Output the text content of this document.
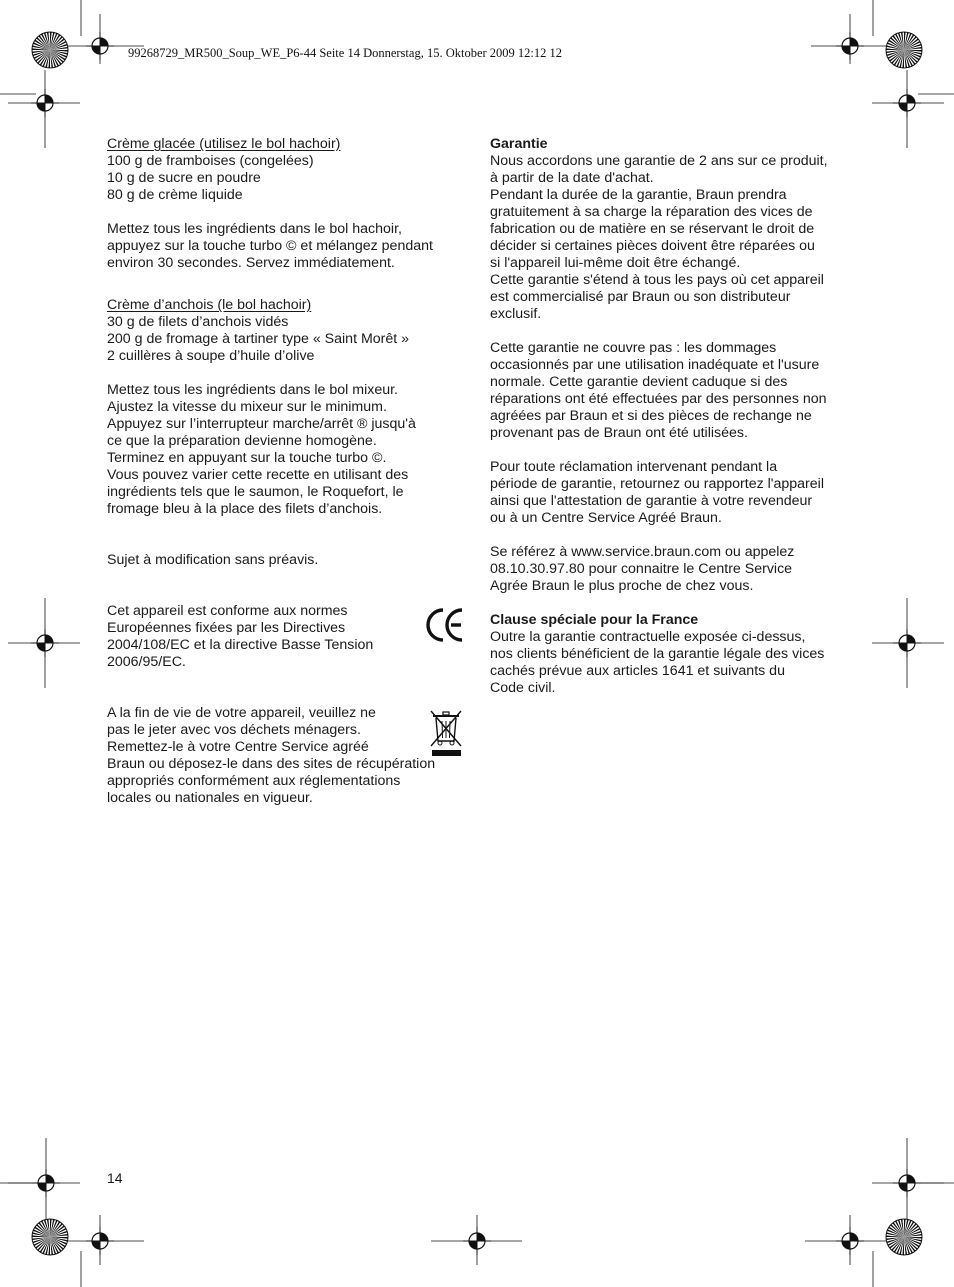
99268729_MR500_Soup_WE_P6-44 Seite 14 Donnerstag, 15. Oktober 2009 12:12 12
Crème glacée (utilisez le bol hachoir)
100 g de framboises (congelées)
10 g de sucre en poudre
80 g de crème liquide
Mettez tous les ingrédients dans le bol hachoir,
appuyez sur la touche turbo © et mélangez pendant
environ 30 secondes. Servez immédiatement.
Crème d’anchois (le bol hachoir)
30 g de filets d’anchois vidés
200 g de fromage à tartiner type « Saint Morêt »
2 cuillères à soupe d’huile d’olive
Mettez tous les ingrédients dans le bol mixeur.
Ajustez la vitesse du mixeur sur le minimum.
Appuyez sur l’interrupteur marche/arrêt ® jusqu'à
ce que la préparation devienne homogène.
Terminez en appuyant sur la touche turbo ©.
Vous pouvez varier cette recette en utilisant des
ingrédients tels que le saumon, le Roquefort, le
fromage bleu à la place des filets d’anchois.
Sujet à modification sans préavis.
Cet appareil est conforme aux normes
Européennes fixées par les Directives
2004/108/EC et la directive Basse Tension
2006/95/EC.
A la fin de vie de votre appareil, veuillez ne
pas le jeter avec vos déchets ménagers.
Remettez-le à votre Centre Service agréé
Braun ou déposez-le dans des sites de récupération
appropriés conformément aux réglementations
locales ou nationales en vigueur.
Garantie
Nous accordons une garantie de 2 ans sur ce produit,
à partir de la date d'achat.
Pendant la durée de la garantie, Braun prendra
gratuitement à sa charge la réparation des vices de
fabrication ou de matière en se réservant le droit de
décider si certaines pièces doivent être réparées ou
si l'appareil lui-même doit être échangé.
Cette garantie s'étend à tous les pays où cet appareil
est commercialisé par Braun ou son distributeur
exclusif.
Cette garantie ne couvre pas : les dommages
occasionnés par une utilisation inadéquate et l'usure
normale. Cette garantie devient caduque si des
réparations ont été effectuées par des personnes non
agréées par Braun et si des pièces de rechange ne
provenant pas de Braun ont été utilisées.
Pour toute réclamation intervenant pendant la
période de garantie, retournez ou rapportez l'appareil
ainsi que l'attestation de garantie à votre revendeur
ou à un Centre Service Agréé Braun.
Se référez à www.service.braun.com ou appelez
08.10.30.97.80 pour connaitre le Centre Service
Agrée Braun le plus proche de chez vous.
Clause spéciale pour la France
Outre la garantie contractuelle exposée ci-dessus,
nos clients bénéficient de la garantie légale des vices
cachés prévue aux articles 1641 et suivants du
Code civil.
14
